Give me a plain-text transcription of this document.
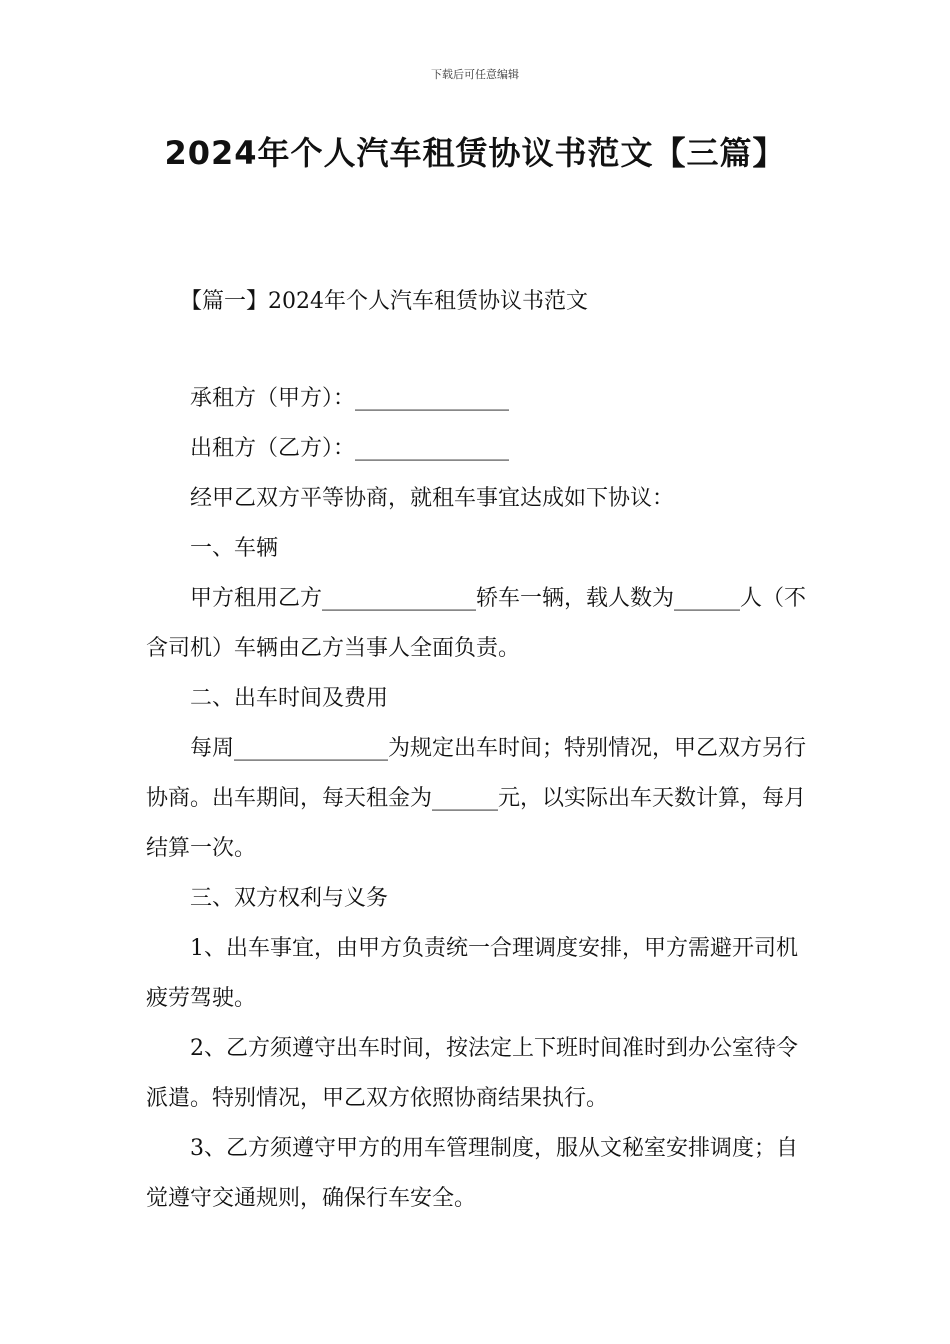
下载后可任意编辑
2024年个人汽车租赁协议书范文【三篇】
【篇一】2024年个人汽车租赁协议书范文

承租方（甲方）：______________

出租方（乙方）：______________

经甲乙双方平等协商，就租车事宜达成如下协议：

一、车辆

甲方租用乙方______________轿车一辆，载人数为______人（不含司机）车辆由乙方当事人全面负责。

二、出车时间及费用

每周______________为规定出车时间；特别情况，甲乙双方另行协商。出车期间，每天租金为______元，以实际出车天数计算，每月结算一次。

三、双方权利与义务

1、出车事宜，由甲方负责统一合理调度安排，甲方需避开司机疲劳驾驶。

2、乙方须遵守出车时间，按法定上下班时间准时到办公室待令派遣。特别情况，甲乙双方依照协商结果执行。

3、乙方须遵守甲方的用车管理制度，服从文秘室安排调度；自觉遵守交通规则，确保行车安全。
